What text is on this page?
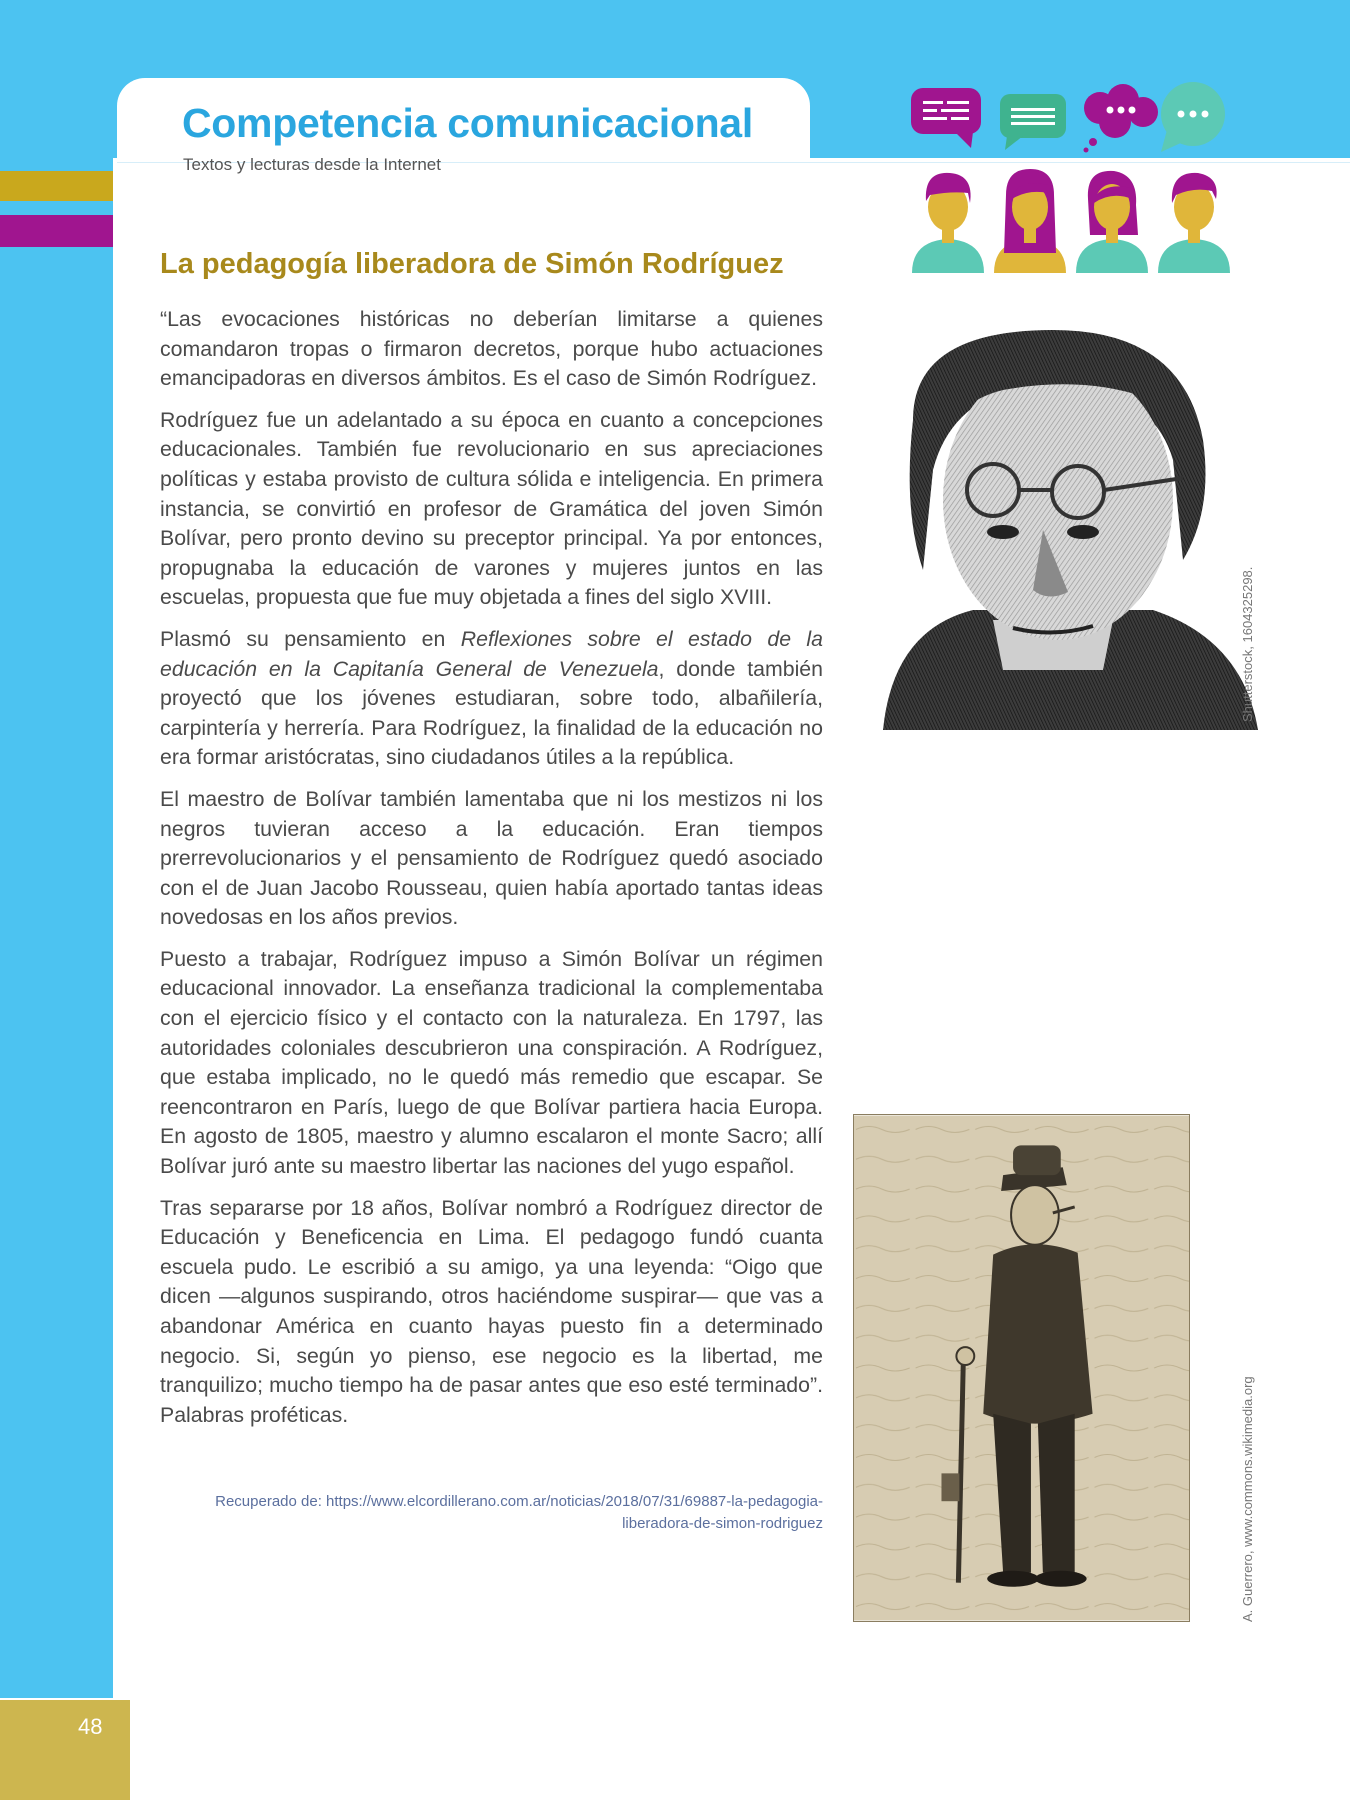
48
Competencia comunicacional
Textos y lecturas desde la Internet
La pedagogía liberadora de Simón Rodríguez

“Las evocaciones históricas no deberían limitarse a quienes comandaron tropas o firmaron decretos, porque hubo actuaciones emancipadoras en diversos ámbitos. Es el caso de Simón Rodríguez.

Rodríguez fue un adelantado a su época en cuanto a concepciones educacionales. También fue revolucionario en sus apreciaciones políticas y estaba provisto de cultura sólida e inteligencia. En primera instancia, se convirtió en profesor de Gramática del joven Simón Bolívar, pero pronto devino su preceptor principal. Ya por entonces, propugnaba la educación de varones y mujeres juntos en las escuelas, propuesta que fue muy objetada a fines del siglo XVIII.

Plasmó su pensamiento en Reflexiones sobre el estado de la educación en la Capitanía General de Venezuela, donde también proyectó que los jóvenes estudiaran, sobre todo, albañilería, carpintería y herrería. Para Rodríguez, la finalidad de la educación no era formar aristócratas, sino ciudadanos útiles a la república.

El maestro de Bolívar también lamentaba que ni los mestizos ni los negros tuvieran acceso a la educación. Eran tiempos prerrevolucionarios y el pensamiento de Rodríguez quedó asociado con el de Juan Jacobo Rousseau, quien había aportado tantas ideas novedosas en los años previos.

Puesto a trabajar, Rodríguez impuso a Simón Bolívar un régimen educacional innovador. La enseñanza tradicional la complementaba con el ejercicio físico y el contacto con la naturaleza. En 1797, las autoridades coloniales descubrieron una conspiración. A Rodríguez, que estaba implicado, no le quedó más remedio que escapar. Se reencontraron en París, luego de que Bolívar partiera hacia Europa. En agosto de 1805, maestro y alumno escalaron el monte Sacro; allí Bolívar juró ante su maestro libertar las naciones del yugo español.

Tras separarse por 18 años, Bolívar nombró a Rodríguez director de Educación y Beneficencia en Lima. El pedagogo fundó cuanta escuela pudo. Le escribió a su amigo, ya una leyenda: “Oigo que dicen —algunos suspirando, otros haciéndome suspirar— que vas a abandonar América en cuanto hayas puesto fin a determinado negocio. Si, según yo pienso, ese negocio es la libertad, me tranquilizo; mucho tiempo ha de pasar antes que eso esté terminado”. Palabras proféticas.

Recuperado de: https://www.elcordillerano.com.ar/noticias/2018/07/31/69887-la-pedagogia-
liberadora-de-simon-rodriguez
Shutterstock, 1604325298.
A. Guerrero, www.commons.wikimedia.org
